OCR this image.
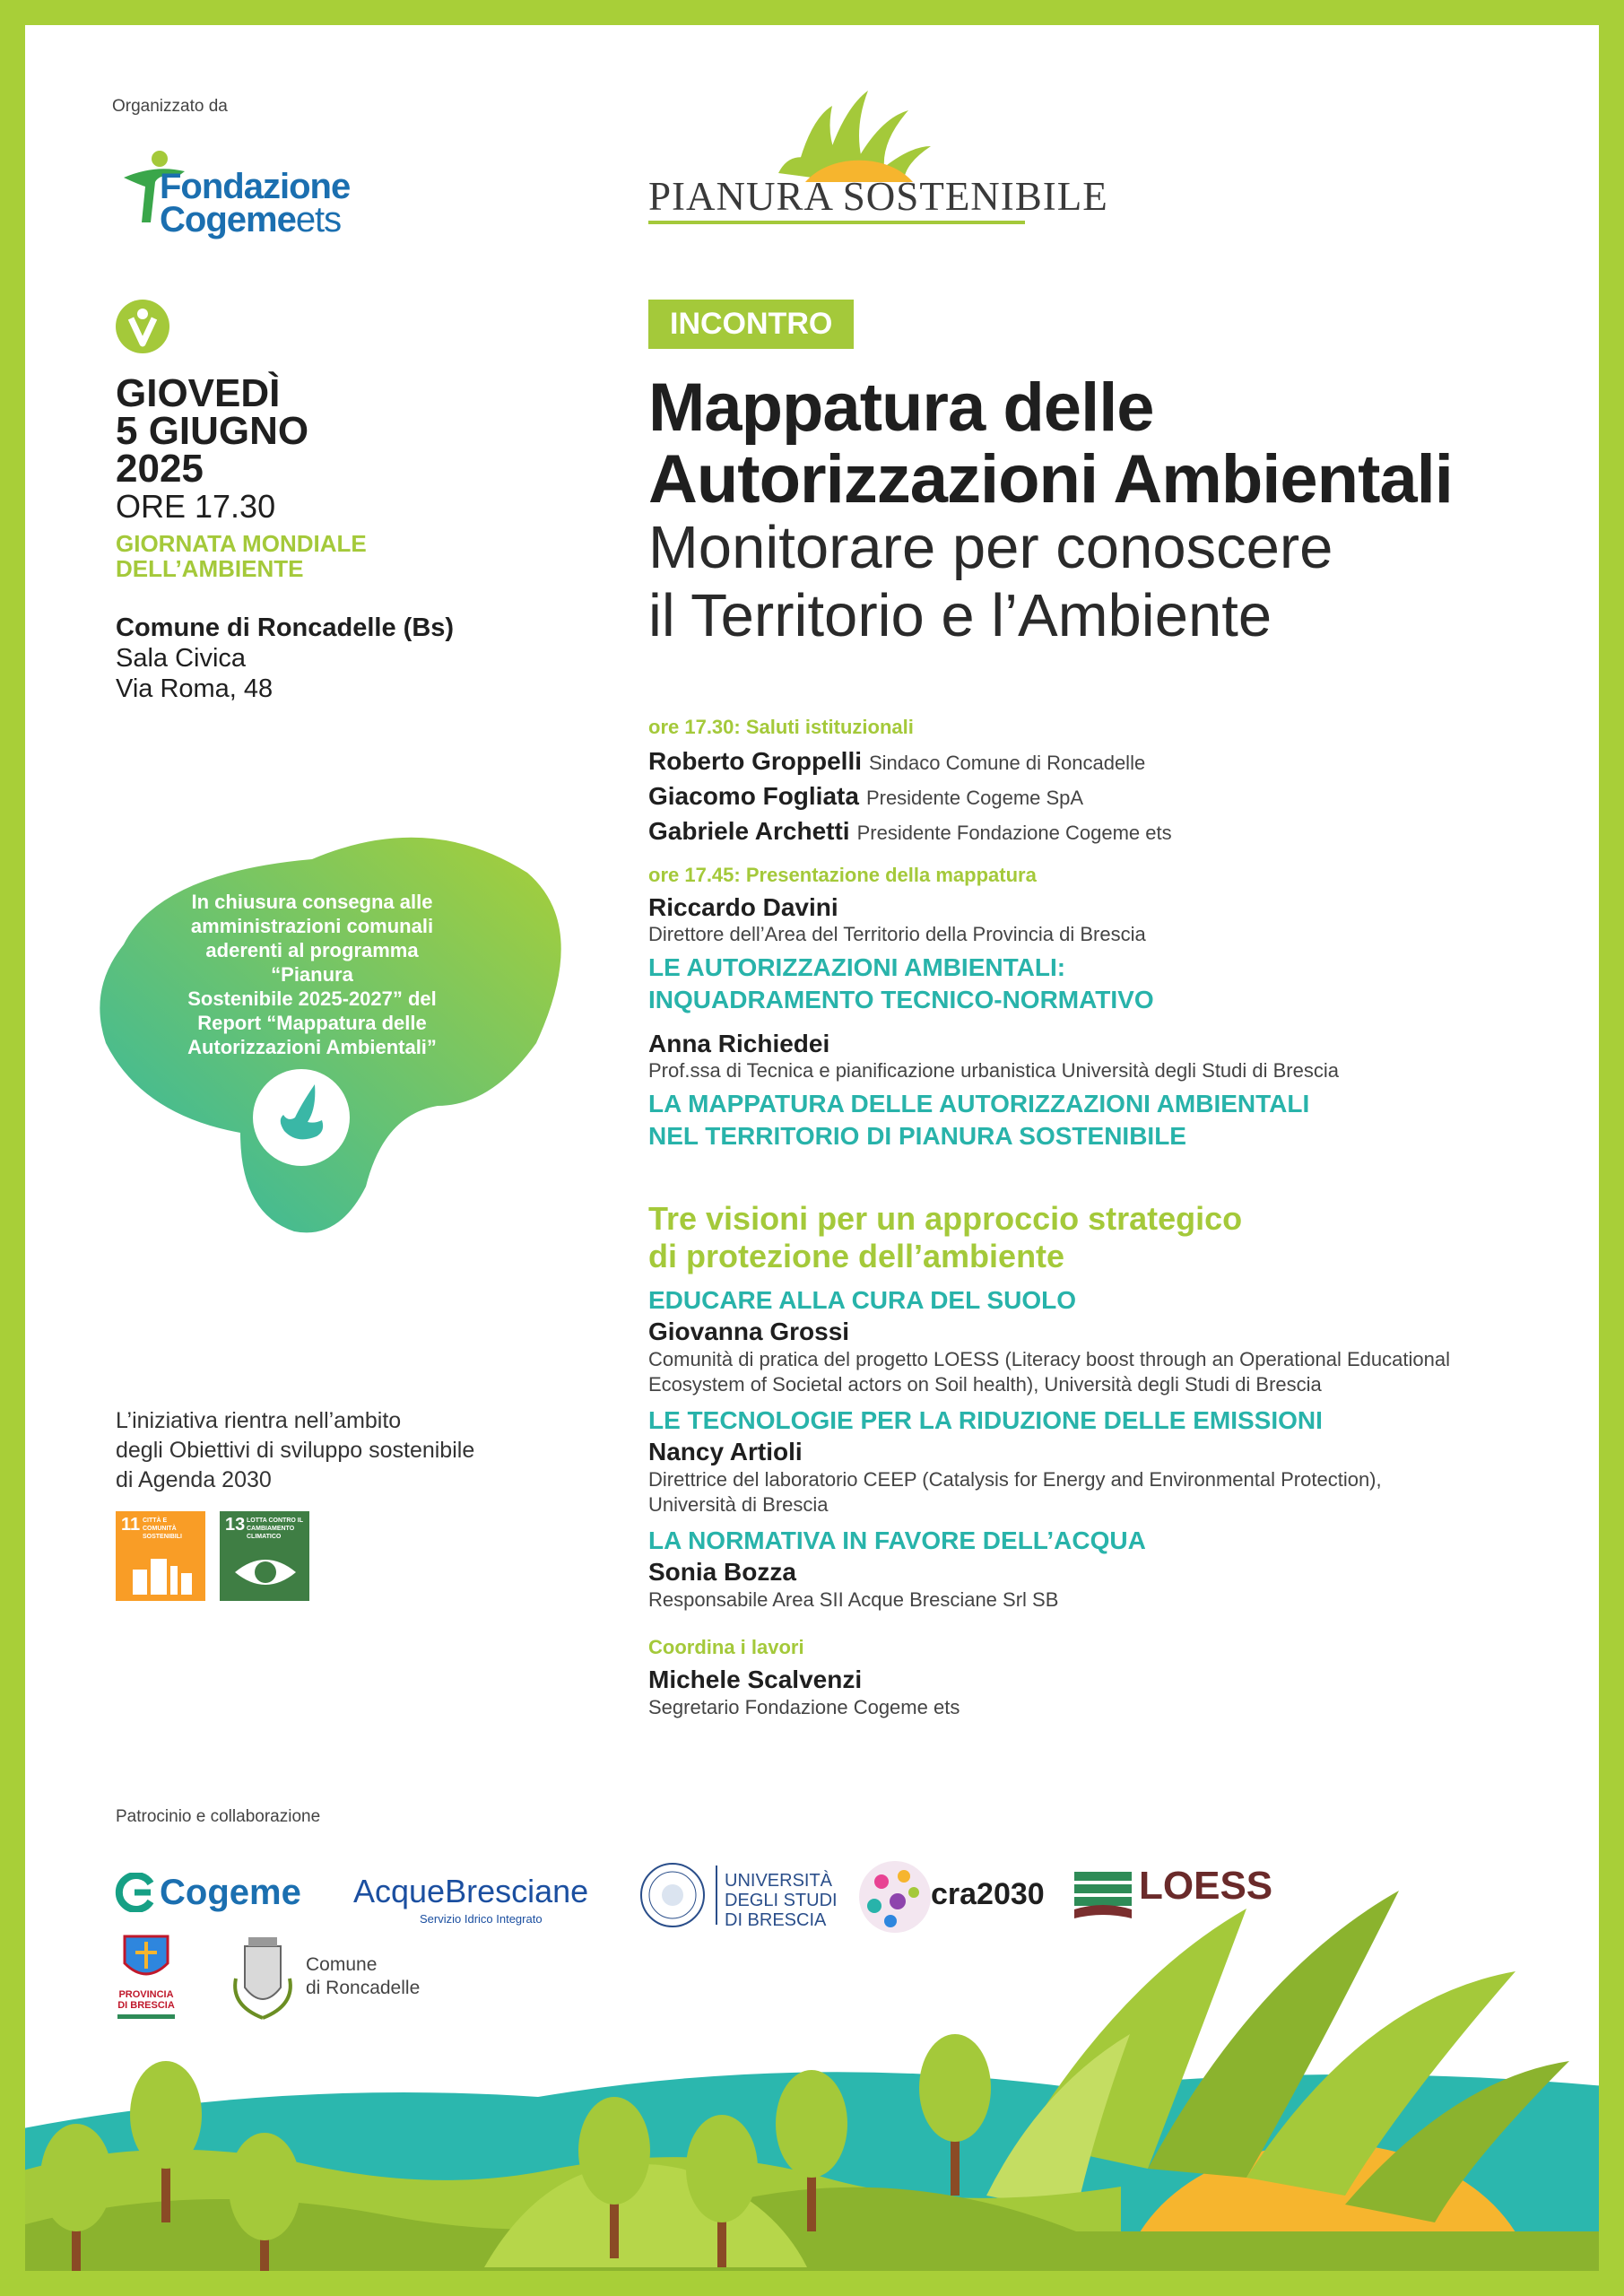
Organizzato da
Fondazione
Cogemeets
PIANURA SOSTENIBILE
GIOVEDÌ
5 GIUGNO
2025
ORE 17.30
GIORNATA MONDIALE
DELL’AMBIENTE
Comune di Roncadelle (Bs)
Sala Civica
Via Roma, 48
In chiusura consegna alle
amministrazioni comunali
aderenti al programma “Pianura
Sostenibile 2025-2027” del
Report “Mappatura delle
Autorizzazioni Ambientali”
L’iniziativa rientra nell’ambito
degli Obiettivi di sviluppo sostenibile
di Agenda 2030
11 CITTÀ E COMUNITÀ SOSTENIBILI
13 LOTTA CONTRO IL CAMBIAMENTO CLIMATICO
INCONTRO
Mappatura delle
Autorizzazioni Ambientali
Monitorare per conoscere
il Territorio e l’Ambiente
ore 17.30: Saluti istituzionali
Roberto Groppelli Sindaco Comune di Roncadelle
Giacomo Fogliata Presidente Cogeme SpA
Gabriele Archetti Presidente Fondazione Cogeme ets
ore 17.45: Presentazione della mappatura
Riccardo Davini
Direttore dell’Area del Territorio della Provincia di Brescia
LE AUTORIZZAZIONI AMBIENTALI:
INQUADRAMENTO TECNICO-NORMATIVO
Anna Richiedei
Prof.ssa di Tecnica e pianificazione urbanistica Università degli Studi di Brescia
LA MAPPATURA DELLE AUTORIZZAZIONI AMBIENTALI
NEL TERRITORIO DI PIANURA SOSTENIBILE
Tre visioni per un approccio strategico
di protezione dell’ambiente
EDUCARE ALLA CURA DEL SUOLO
Giovanna Grossi
Comunità di pratica del progetto LOESS (Literacy boost through an Operational Educational
Ecosystem of Societal actors on Soil health), Università degli Studi di Brescia
LE TECNOLOGIE PER LA RIDUZIONE DELLE EMISSIONI
Nancy Artioli
Direttrice del laboratorio CEEP (Catalysis for Energy and Environmental Protection),
Università di Brescia
LA NORMATIVA IN FAVORE DELL’ACQUA
Sonia Bozza
Responsabile Area SII Acque Bresciane Srl SB
Coordina i lavori
Michele Scalvenzi
Segretario Fondazione Cogeme ets
Patrocinio e collaborazione
Cogeme AcqueBresciane
Servizio Idrico Integrato
UNIVERSITÀ
DEGLI STUDI
DI BRESCIA
cra2030 LOESS
PROVINCIA
DI BRESCIA
Comune
di Roncadelle
